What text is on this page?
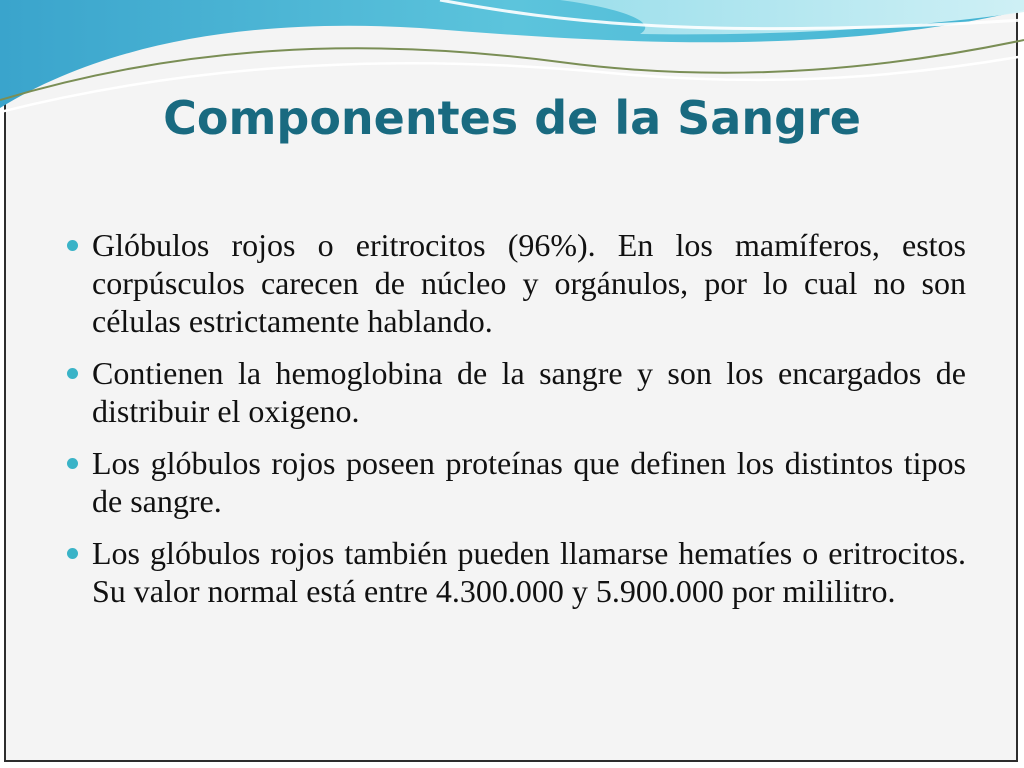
Componentes de la Sangre
Glóbulos rojos o eritrocitos (96%). En los mamíferos, estos corpúsculos carecen de núcleo y orgánulos, por lo cual no son células estrictamente hablando.
Contienen la hemoglobina de la sangre y son los encargados de distribuir el oxigeno.
Los glóbulos rojos poseen proteínas que definen los distintos tipos de sangre.
Los glóbulos rojos también pueden llamarse hematíes o eritrocitos. Su valor normal está entre 4.300.000 y 5.900.000 por mililitro.
